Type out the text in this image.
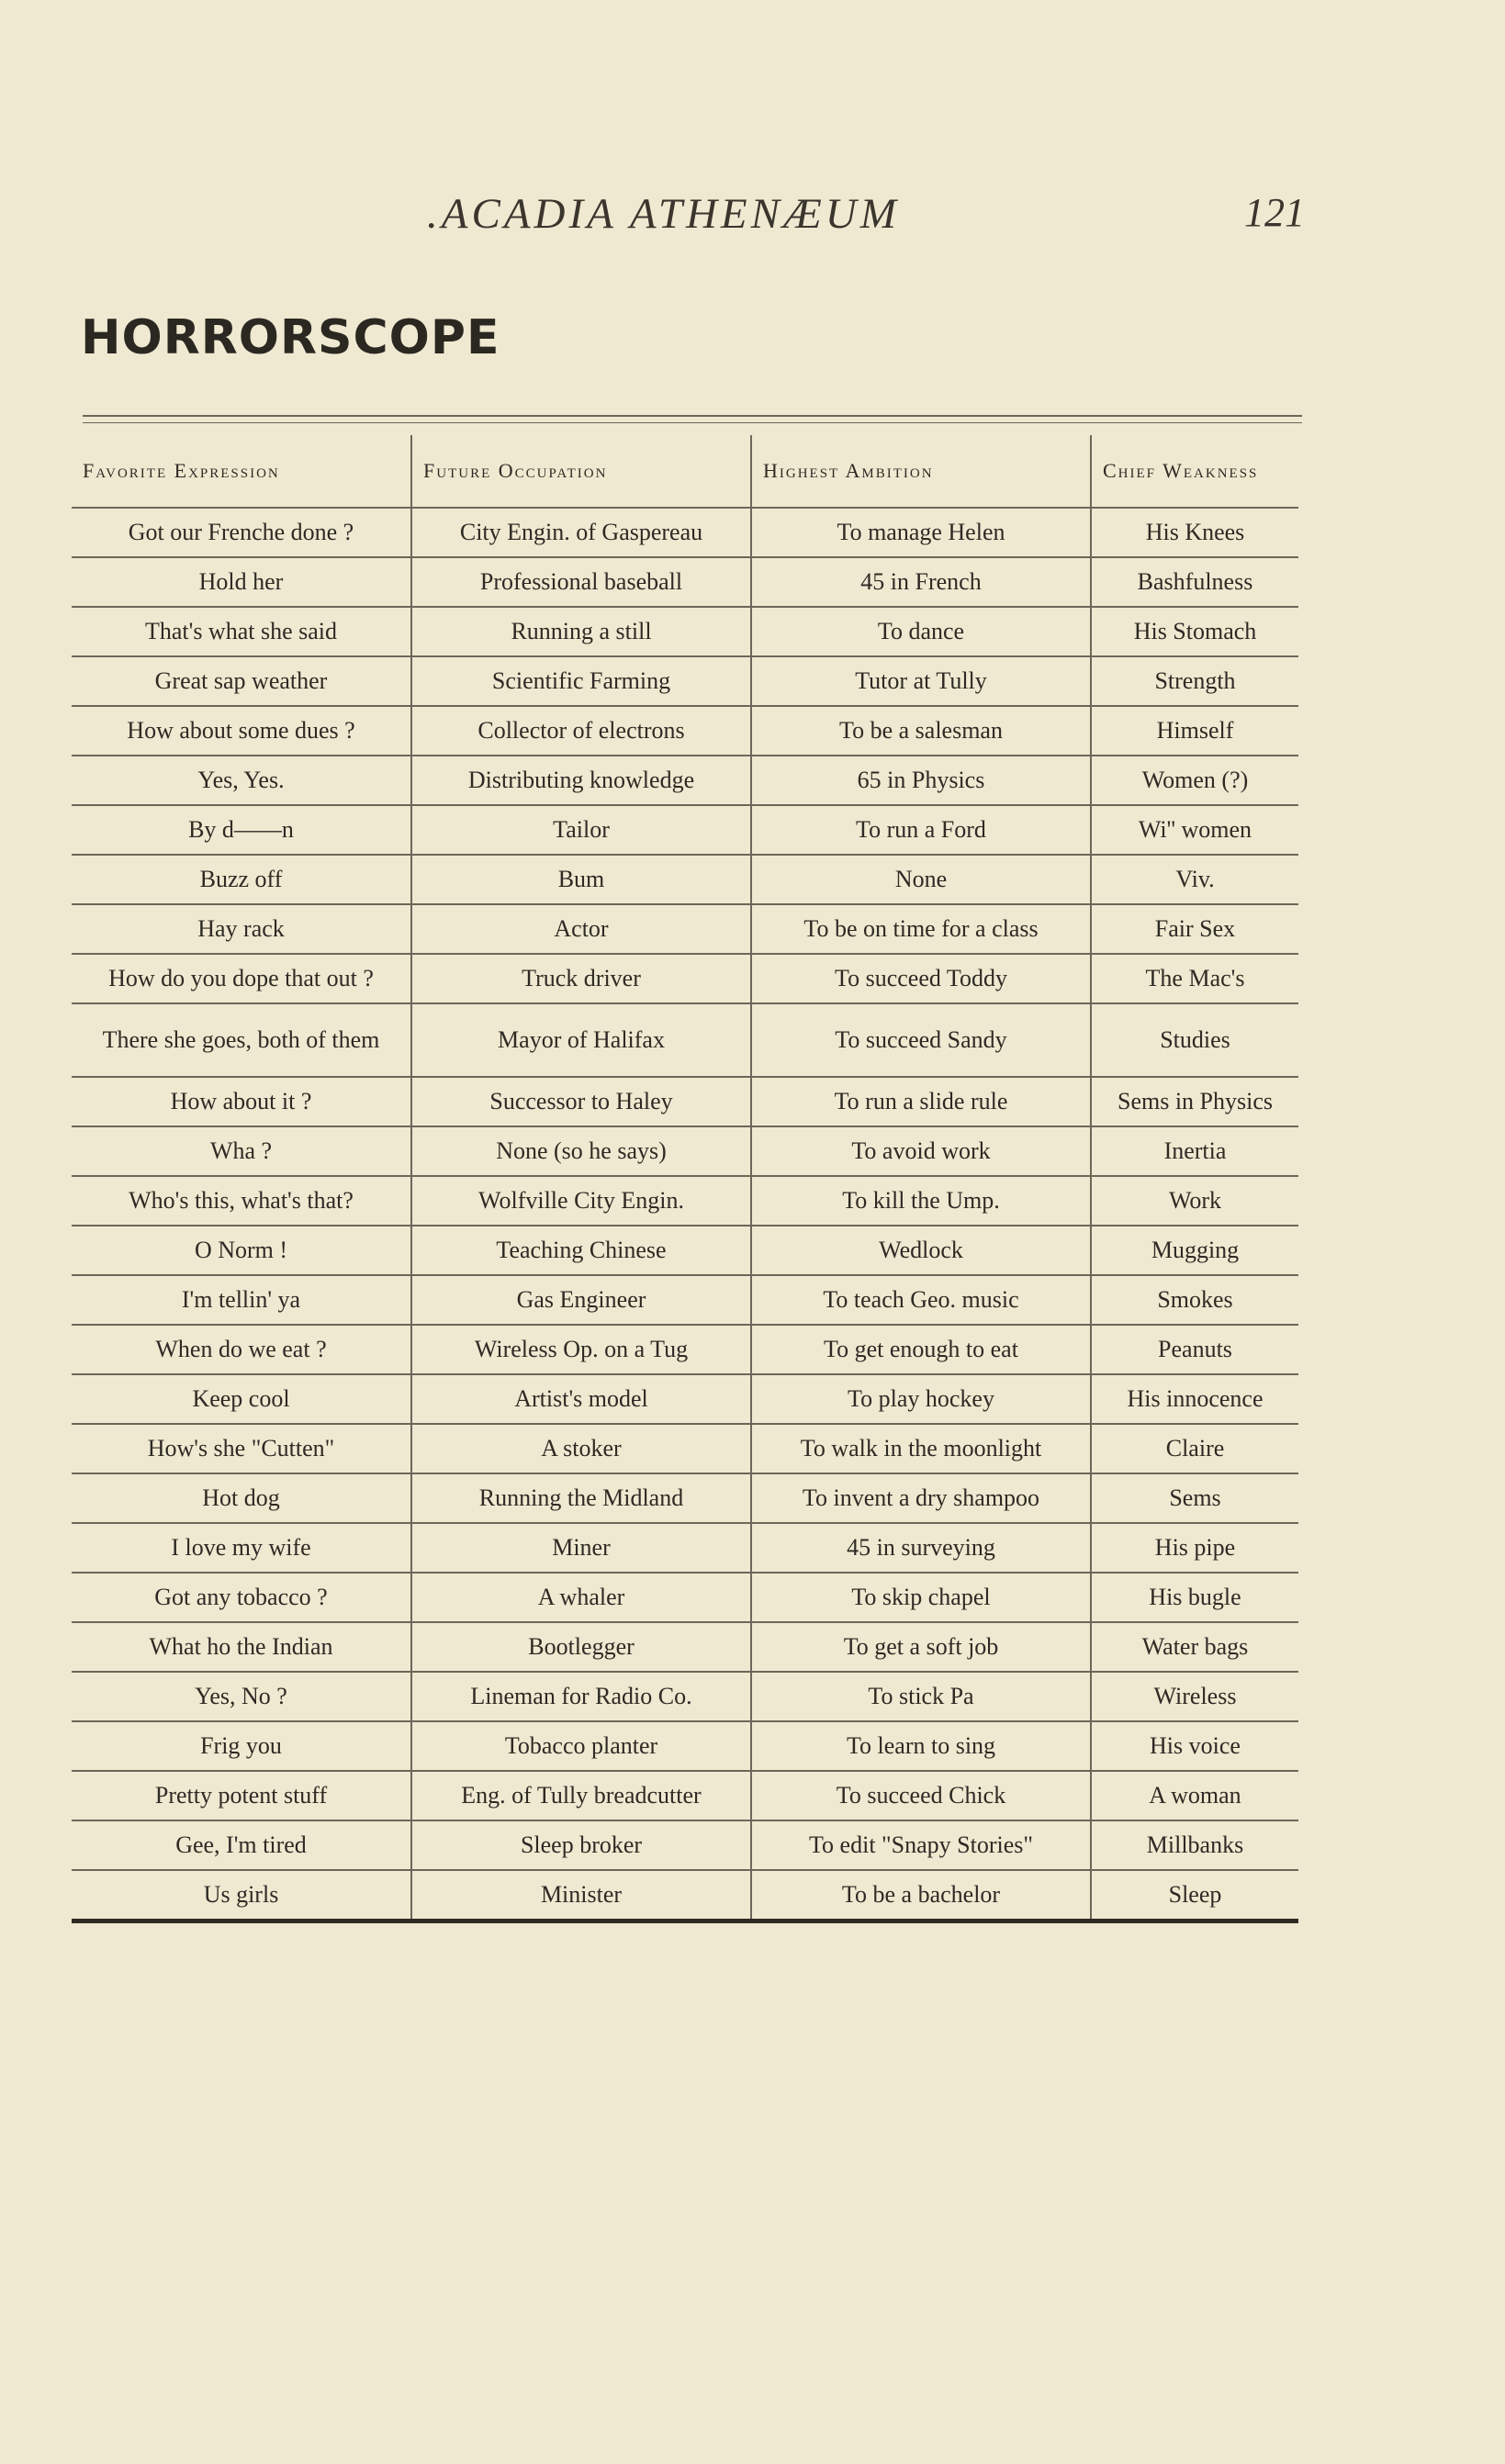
.ACADIA ATHENÆUM	121
HORRORSCOPE
Favorite Expression	Future Occupation	Highest Ambition	Chief Weakness
Got our Frenche done ?	City Engin. of Gaspereau	To manage Helen	His Knees
Hold her	Professional baseball	45 in French	Bashfulness
That's what she said	Running a still	To dance	His Stomach
Great sap weather	Scientific Farming	Tutor at Tully	Strength
How about some dues ?	Collector of electrons	To be a salesman	Himself
Yes, Yes.	Distributing knowledge	65 in Physics	Women (?)
By d——n	Tailor	To run a Ford	Wi'' women
Buzz off	Bum	None	Viv.
Hay rack	Actor	To be on time for a class	Fair Sex
How do you dope that out ?	Truck driver	To succeed Toddy	The Mac's
There she goes, both of them	Mayor of Halifax	To succeed Sandy	Studies
How about it ?	Successor to Haley	To run a slide rule	Sems in Physics
Wha ?	None (so he says)	To avoid work	Inertia
Who's this, what's that?	Wolfville City Engin.	To kill the Ump.	Work
O Norm !	Teaching Chinese	Wedlock	Mugging
I'm tellin' ya	Gas Engineer	To teach Geo. music	Smokes
When do we eat ?	Wireless Op. on a Tug	To get enough to eat	Peanuts
Keep cool	Artist's model	To play hockey	His innocence
How's she "Cutten"	A stoker	To walk in the moonlight	Claire
Hot dog	Running the Midland	To invent a dry shampoo	Sems
I love my wife	Miner	45 in surveying	His pipe
Got any tobacco ?	A whaler	To skip chapel	His bugle
What ho the Indian	Bootlegger	To get a soft job	Water bags
Yes, No ?	Lineman for Radio Co.	To stick Pa	Wireless
Frig you	Tobacco planter	To learn to sing	His voice
Pretty potent stuff	Eng. of Tully breadcutter	To succeed Chick	A woman
Gee, I'm tired	Sleep broker	To edit "Snapy Stories"	Millbanks
Us girls	Minister	To be a bachelor	Sleep
